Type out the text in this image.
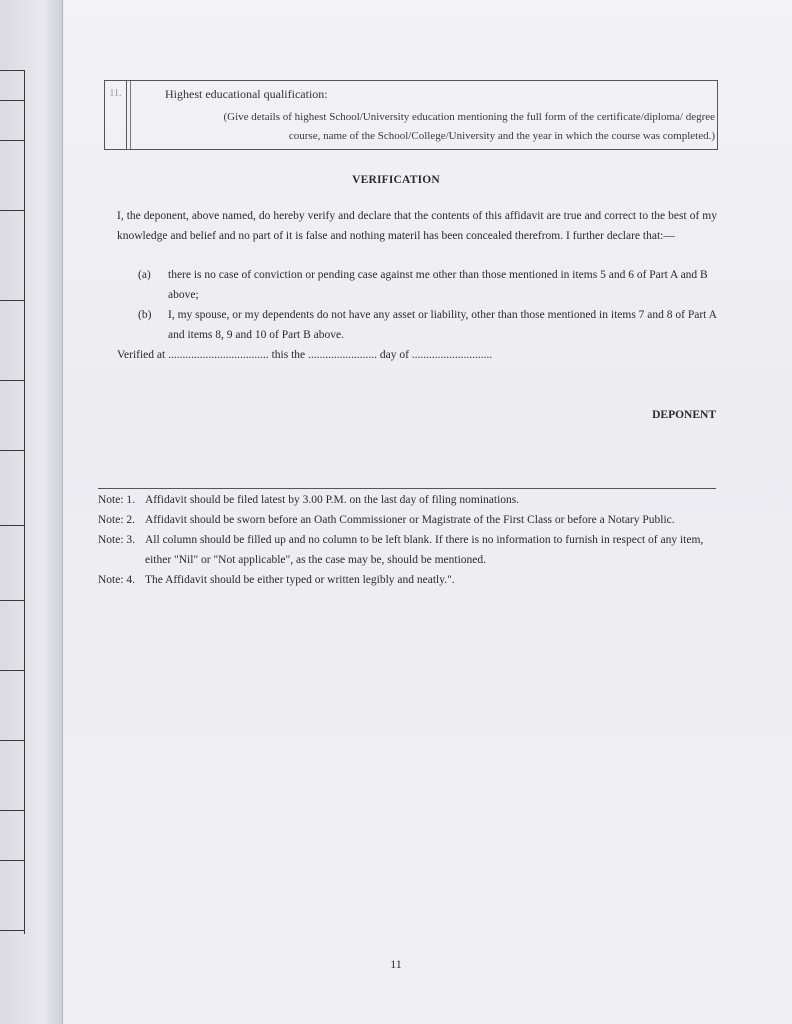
11.	Highest educational qualification:
(Give details of highest School/University education mentioning the full form of the certificate/diploma/ degree course, name of the School/College/University and the year in which the course was completed.)
VERIFICATION
I, the deponent, above named, do hereby verify and declare that the contents of this affidavit are true and correct to the best of my knowledge and belief and no part of it is false and nothing materil has been concealed therefrom. I further declare that:—
(a)	there is no case of conviction or pending case against me other than those mentioned in items 5 and 6 of Part A and B above;
(b)	I, my spouse, or my dependents do not have any asset or liability, other than those mentioned in items 7 and 8 of Part A and items 8, 9 and 10 of Part B above.
Verified at ................................... this the ........................ day of ............................
DEPONENT
Note: 1. Affidavit should be filed latest by 3.00 P.M. on the last day of filing nominations.
Note: 2. Affidavit should be sworn before an Oath Commissioner or Magistrate of the First Class or before a Notary Public.
Note: 3. All column should be filled up and no column to be left blank. If there is no information to furnish in respect of any item, either "Nil" or "Not applicable", as the case may be, should be mentioned.
Note: 4. The Affidavit should be either typed or written legibly and neatly.".
11
